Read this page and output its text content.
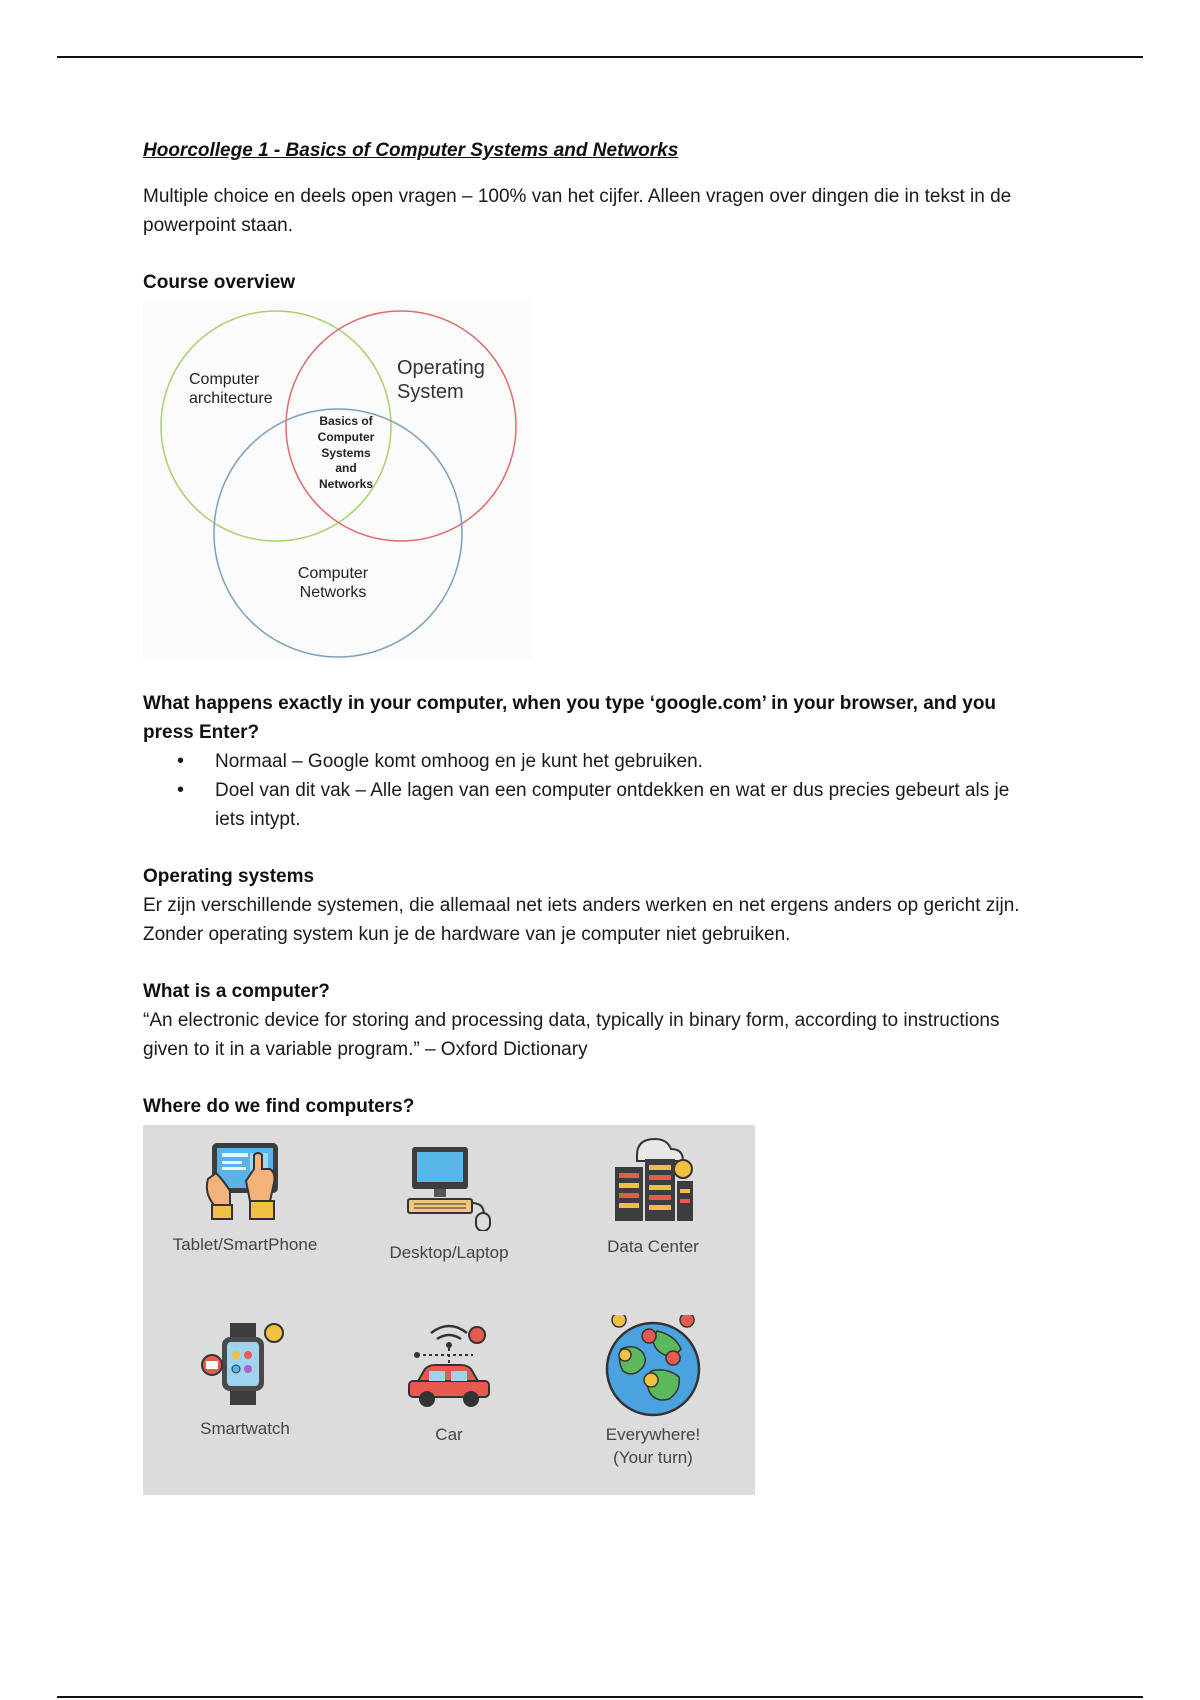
Hoorcollege 1 - Basics of Computer Systems and Networks

Multiple choice en deels open vragen – 100% van het cijfer. Alleen vragen over dingen die in tekst in de powerpoint staan.

Course overview
Computer
architecture
Operating
System
Basics of
Computer
Systems
and
Networks
Computer
Networks
What happens exactly in your computer, when you type ‘google.com’ in your browser, and you press Enter?
• Normaal – Google komt omhoog en je kunt het gebruiken.
• Doel van dit vak – Alle lagen van een computer ontdekken en wat er dus precies gebeurt als je iets intypt.
Operating systems

Er zijn verschillende systemen, die allemaal net iets anders werken en net ergens anders op gericht zijn.

Zonder operating system kun je de hardware van je computer niet gebruiken.

What is a computer?

“An electronic device for storing and processing data, typically in binary form, according to instructions given to it in a variable program.” – Oxford Dictionary

Where do we find computers?
Tablet/SmartPhone	Desktop/Laptop	Data Center
Smartwatch	Car	Everywhere!
(Your turn)
